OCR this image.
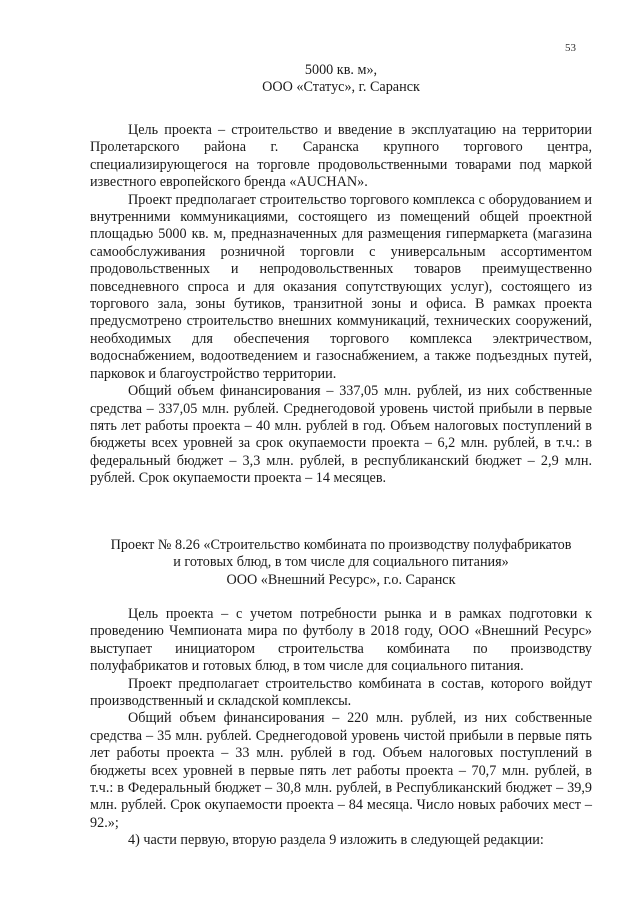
53

5000 кв. м»,

ООО «Статус», г. Саранск

Цель проекта – строительство и введение в эксплуатацию на территории Пролетарского района г. Саранска крупного торгового центра, специализирующегося на торговле продовольственными товарами под маркой известного европейского бренда «AUCHAN».

Проект предполагает строительство торгового комплекса с оборудованием и внутренними коммуникациями, состоящего из помещений общей проектной площадью 5000 кв. м, предназначенных для размещения гипермаркета (магазина самообслуживания розничной торговли с универсальным ассортиментом продовольственных и непродовольственных товаров преимущественно повседневного спроса и для оказания сопутствующих услуг), состоящего из торгового зала, зоны бутиков, транзитной зоны и офиса. В рамках проекта предусмотрено строительство внешних коммуникаций, технических сооружений, необходимых для обеспечения торгового комплекса электричеством, водоснабжением, водоотведением и газоснабжением, а также подъездных путей, парковок и благоустройство территории.

Общий объем финансирования – 337,05 млн. рублей, из них собственные средства – 337,05 млн. рублей. Среднегодовой уровень чистой прибыли в первые пять лет работы проекта – 40 млн. рублей в год. Объем налоговых поступлений в бюджеты всех уровней за срок окупаемости проекта – 6,2 млн. рублей, в т.ч.: в федеральный бюджет – 3,3 млн. рублей, в республиканский бюджет – 2,9 млн. рублей. Срок окупаемости проекта – 14 месяцев.

Проект № 8.26 «Строительство комбината по производству полуфабрикатов

и готовых блюд, в том числе для социального питания»

ООО «Внешний Ресурс», г.о. Саранск

Цель проекта – с учетом потребности рынка и в рамках подготовки к проведению Чемпионата мира по футболу в 2018 году, ООО «Внешний Ресурс» выступает инициатором строительства комбината по производству полуфабрикатов и готовых блюд, в том числе для социального питания.

Проект предполагает строительство комбината в состав, которого войдут производственный и складской комплексы.

Общий объем финансирования – 220 млн. рублей, из них собственные средства – 35 млн. рублей. Среднегодовой уровень чистой прибыли в первые пять лет работы проекта – 33 млн. рублей в год. Объем налоговых поступлений в бюджеты всех уровней в первые пять лет работы проекта – 70,7 млн. рублей, в т.ч.: в Федеральный бюджет – 30,8 млн. рублей, в Республиканский бюджет – 39,9 млн. рублей. Срок окупаемости проекта – 84 месяца. Число новых рабочих мест – 92.»;

4) части первую, вторую раздела 9 изложить в следующей редакции:
